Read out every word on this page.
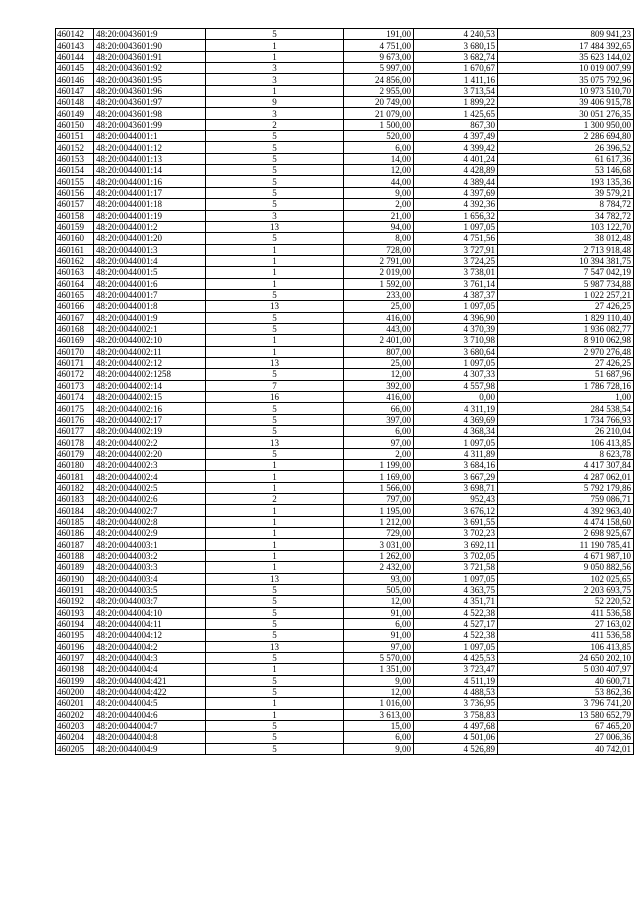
460142	48:20:0043601:9	5	191,00	4 240,53	809 941,23
460143	48:20:0043601:90	1	4 751,00	3 680,15	17 484 392,65
460144	48:20:0043601:91	1	9 673,00	3 682,74	35 623 144,02
460145	48:20:0043601:92	3	5 997,00	1 670,67	10 019 007,99
460146	48:20:0043601:95	3	24 856,00	1 411,16	35 075 792,96
460147	48:20:0043601:96	1	2 955,00	3 713,54	10 973 510,70
460148	48:20:0043601:97	9	20 749,00	1 899,22	39 406 915,78
460149	48:20:0043601:98	3	21 079,00	1 425,65	30 051 276,35
460150	48:20:0043601:99	2	1 500,00	867,30	1 300 950,00
460151	48:20:0044001:1	5	520,00	4 397,49	2 286 694,80
460152	48:20:0044001:12	5	6,00	4 399,42	26 396,52
460153	48:20:0044001:13	5	14,00	4 401,24	61 617,36
460154	48:20:0044001:14	5	12,00	4 428,89	53 146,68
460155	48:20:0044001:16	5	44,00	4 389,44	193 135,36
460156	48:20:0044001:17	5	9,00	4 397,69	39 579,21
460157	48:20:0044001:18	5	2,00	4 392,36	8 784,72
460158	48:20:0044001:19	3	21,00	1 656,32	34 782,72
460159	48:20:0044001:2	13	94,00	1 097,05	103 122,70
460160	48:20:0044001:20	5	8,00	4 751,56	38 012,48
460161	48:20:0044001:3	1	728,00	3 727,91	2 713 918,48
460162	48:20:0044001:4	1	2 791,00	3 724,25	10 394 381,75
460163	48:20:0044001:5	1	2 019,00	3 738,01	7 547 042,19
460164	48:20:0044001:6	1	1 592,00	3 761,14	5 987 734,88
460165	48:20:0044001:7	5	233,00	4 387,37	1 022 257,21
460166	48:20:0044001:8	13	25,00	1 097,05	27 426,25
460167	48:20:0044001:9	5	416,00	4 396,90	1 829 110,40
460168	48:20:0044002:1	5	443,00	4 370,39	1 936 082,77
460169	48:20:0044002:10	1	2 401,00	3 710,98	8 910 062,98
460170	48:20:0044002:11	1	807,00	3 680,64	2 970 276,48
460171	48:20:0044002:12	13	25,00	1 097,05	27 426,25
460172	48:20:0044002:1258	5	12,00	4 307,33	51 687,96
460173	48:20:0044002:14	7	392,00	4 557,98	1 786 728,16
460174	48:20:0044002:15	16	416,00	0,00	1,00
460175	48:20:0044002:16	5	66,00	4 311,19	284 538,54
460176	48:20:0044002:17	5	397,00	4 369,69	1 734 766,93
460177	48:20:0044002:19	5	6,00	4 368,34	26 210,04
460178	48:20:0044002:2	13	97,00	1 097,05	106 413,85
460179	48:20:0044002:20	5	2,00	4 311,89	8 623,78
460180	48:20:0044002:3	1	1 199,00	3 684,16	4 417 307,84
460181	48:20:0044002:4	1	1 169,00	3 667,29	4 287 062,01
460182	48:20:0044002:5	1	1 566,00	3 698,71	5 792 179,86
460183	48:20:0044002:6	2	797,00	952,43	759 086,71
460184	48:20:0044002:7	1	1 195,00	3 676,12	4 392 963,40
460185	48:20:0044002:8	1	1 212,00	3 691,55	4 474 158,60
460186	48:20:0044002:9	1	729,00	3 702,23	2 698 925,67
460187	48:20:0044003:1	1	3 031,00	3 692,11	11 190 785,41
460188	48:20:0044003:2	1	1 262,00	3 702,05	4 671 987,10
460189	48:20:0044003:3	1	2 432,00	3 721,58	9 050 882,56
460190	48:20:0044003:4	13	93,00	1 097,05	102 025,65
460191	48:20:0044003:5	5	505,00	4 363,75	2 203 693,75
460192	48:20:0044003:7	5	12,00	4 351,71	52 220,52
460193	48:20:0044004:10	5	91,00	4 522,38	411 536,58
460194	48:20:0044004:11	5	6,00	4 527,17	27 163,02
460195	48:20:0044004:12	5	91,00	4 522,38	411 536,58
460196	48:20:0044004:2	13	97,00	1 097,05	106 413,85
460197	48:20:0044004:3	5	5 570,00	4 425,53	24 650 202,10
460198	48:20:0044004:4	1	1 351,00	3 723,47	5 030 407,97
460199	48:20:0044004:421	5	9,00	4 511,19	40 600,71
460200	48:20:0044004:422	5	12,00	4 488,53	53 862,36
460201	48:20:0044004:5	1	1 016,00	3 736,95	3 796 741,20
460202	48:20:0044004:6	1	3 613,00	3 758,83	13 580 652,79
460203	48:20:0044004:7	5	15,00	4 497,68	67 465,20
460204	48:20:0044004:8	5	6,00	4 501,06	27 006,36
460205	48:20:0044004:9	5	9,00	4 526,89	40 742,01
